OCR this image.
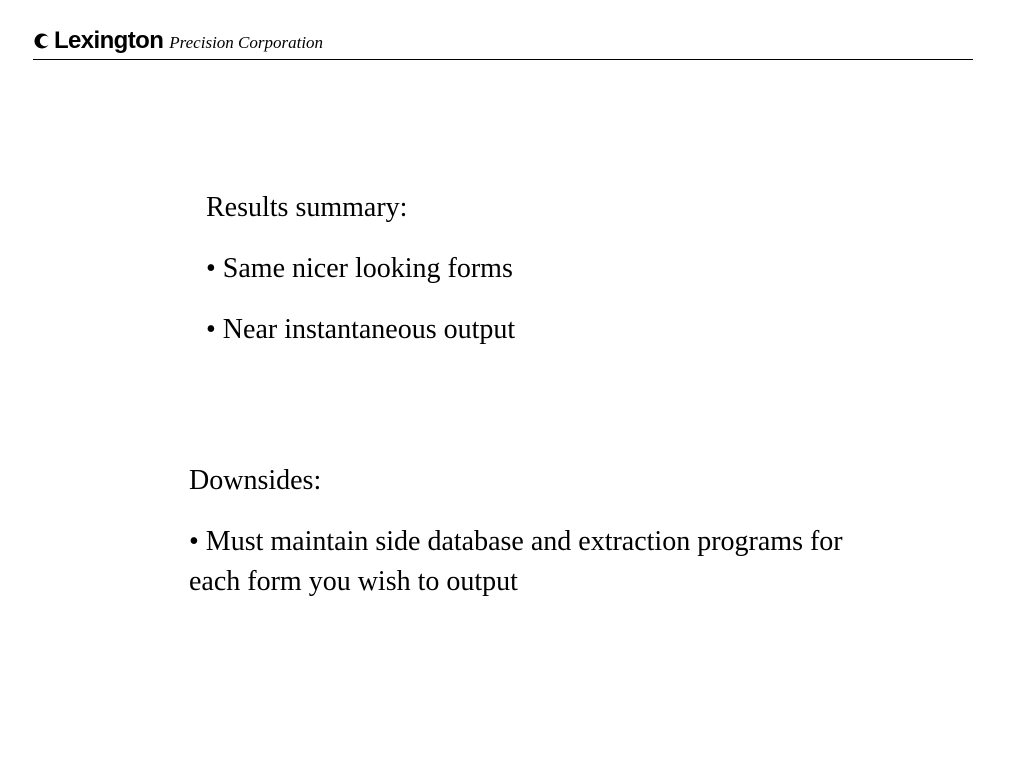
Lexington Precision Corporation

Results summary:

• Same nicer looking forms

• Near instantaneous output

Downsides:

• Must maintain side database and extraction programs for each form you wish to output
